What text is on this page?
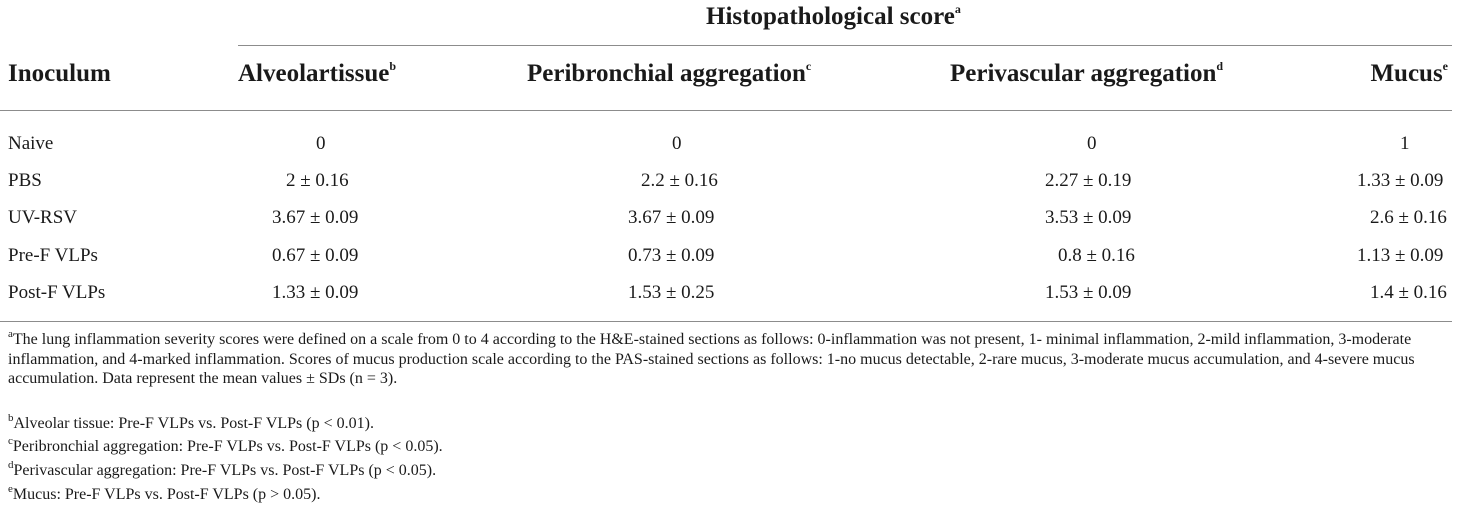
Histopathological score$^a$
Inoculum	Alveolartissue$^b$	Peribronchial aggregation$^c$	Perivascular aggregation$^d$	Mucus$^e$
Naive	0	0	0	1
PBS	2 ± 0.16	2.2 ± 0.16	2.27 ± 0.19	1.33 ± 0.09
UV-RSV	3.67 ± 0.09	3.67 ± 0.09	3.53 ± 0.09	2.6 ± 0.16
Pre-F VLPs	0.67 ± 0.09	0.73 ± 0.09	0.8 ± 0.16	1.13 ± 0.09
Post-F VLPs	1.33 ± 0.09	1.53 ± 0.25	1.53 ± 0.09	1.4 ± 0.16
$^a$The lung inflammation severity scores were defined on a scale from 0 to 4 according to the H&E-stained sections as follows: 0-inflammation was not present, 1- minimal inflammation, 2-mild inflammation, 3-moderate inflammation, and 4-marked inflammation. Scores of mucus production scale according to the PAS-stained sections as follows: 1-no mucus detectable, 2-rare mucus, 3-moderate mucus accumulation, and 4-severe mucus accumulation. Data represent the mean values ± SDs (n = 3).
$^b$Alveolar tissue: Pre-F VLPs vs. Post-F VLPs (p < 0.01).
$^c$Peribronchial aggregation: Pre-F VLPs vs. Post-F VLPs (p < 0.05).
$^d$Perivascular aggregation: Pre-F VLPs vs. Post-F VLPs (p < 0.05).
$^e$Mucus: Pre-F VLPs vs. Post-F VLPs (p > 0.05).
